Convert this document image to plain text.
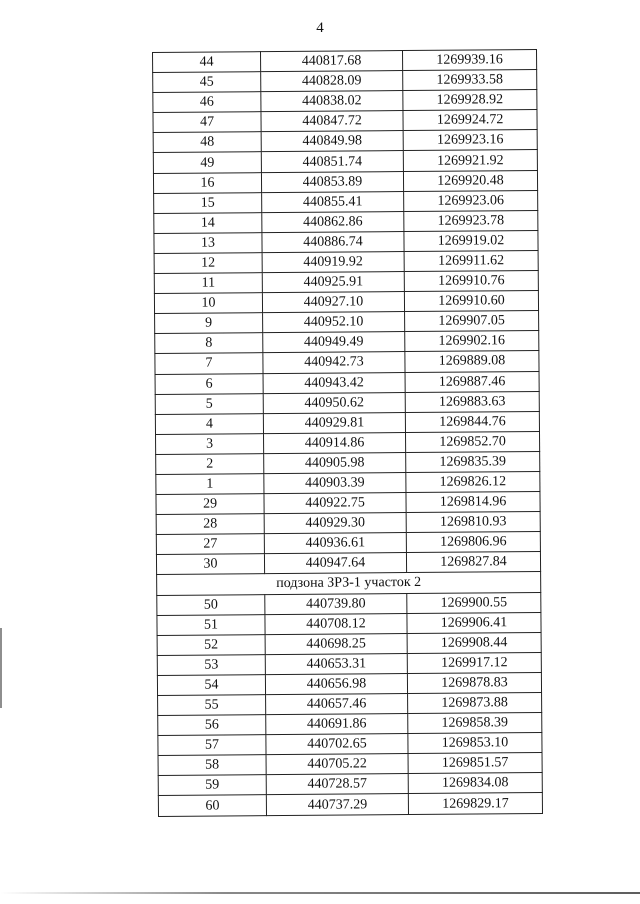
4
44	440817.68	1269939.16
45	440828.09	1269933.58
46	440838.02	1269928.92
47	440847.72	1269924.72
48	440849.98	1269923.16
49	440851.74	1269921.92
16	440853.89	1269920.48
15	440855.41	1269923.06
14	440862.86	1269923.78
13	440886.74	1269919.02
12	440919.92	1269911.62
11	440925.91	1269910.76
10	440927.10	1269910.60
9	440952.10	1269907.05
8	440949.49	1269902.16
7	440942.73	1269889.08
6	440943.42	1269887.46
5	440950.62	1269883.63
4	440929.81	1269844.76
3	440914.86	1269852.70
2	440905.98	1269835.39
1	440903.39	1269826.12
29	440922.75	1269814.96
28	440929.30	1269810.93
27	440936.61	1269806.96
30	440947.64	1269827.84
подзона ЗРЗ-1 участок 2		
50	440739.80	1269900.55
51	440708.12	1269906.41
52	440698.25	1269908.44
53	440653.31	1269917.12
54	440656.98	1269878.83
55	440657.46	1269873.88
56	440691.86	1269858.39
57	440702.65	1269853.10
58	440705.22	1269851.57
59	440728.57	1269834.08
60	440737.29	1269829.17
